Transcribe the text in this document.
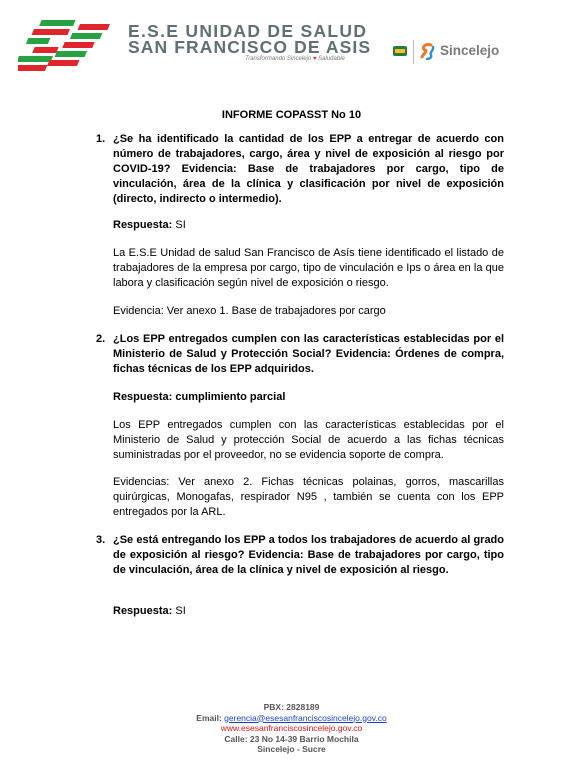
E.S.E UNIDAD DE SALUD
SAN FRANCISCO DE ASIS
Transformando Sincelejo ♥ Saludable
Sincelejo
··· ··· ··· ·· ·· ···
INFORME COPASST No 10
1. ¿Se ha identificado la cantidad de los EPP a entregar de acuerdo con número de trabajadores, cargo, área y nivel de exposición al riesgo por COVID-19? Evidencia: Base de trabajadores por cargo, tipo de vinculación, área de la clínica y clasificación por nivel de exposición (directo, indirecto o intermedio).
Respuesta: SI
La E.S.E Unidad de salud San Francisco de Asís tiene identificado el listado de trabajadores de la empresa por cargo, tipo de vinculación e Ips o área en la que labora y clasificación según nivel de exposición o riesgo.
Evidencia: Ver anexo 1. Base de trabajadores por cargo
2. ¿Los EPP entregados cumplen con las características establecidas por el Ministerio de Salud y Protección Social? Evidencia: Órdenes de compra, fichas técnicas de los EPP adquiridos.
Respuesta: cumplimiento parcial
Los EPP entregados cumplen con las características establecidas por el Ministerio de Salud y protección Social de acuerdo a las fichas técnicas suministradas por el proveedor, no se evidencia soporte de compra.
Evidencias: Ver anexo 2. Fichas técnicas polainas, gorros, mascarillas quirúrgicas, Monogafas, respirador N95 , también se cuenta con los EPP entregados por la ARL.
3. ¿Se está entregando los EPP a todos los trabajadores de acuerdo al grado de exposición al riesgo? Evidencia: Base de trabajadores por cargo, tipo de vinculación, área de la clínica y nivel de exposición al riesgo.
Respuesta: SI
PBX: 2828189
Email: gerencia@esesanfranciscosincelejo.gov.co
www.esesanfranciscosincelejo.gov.co
Calle: 23 No 14-39 Barrio Mochila
Sincelejo - Sucre
